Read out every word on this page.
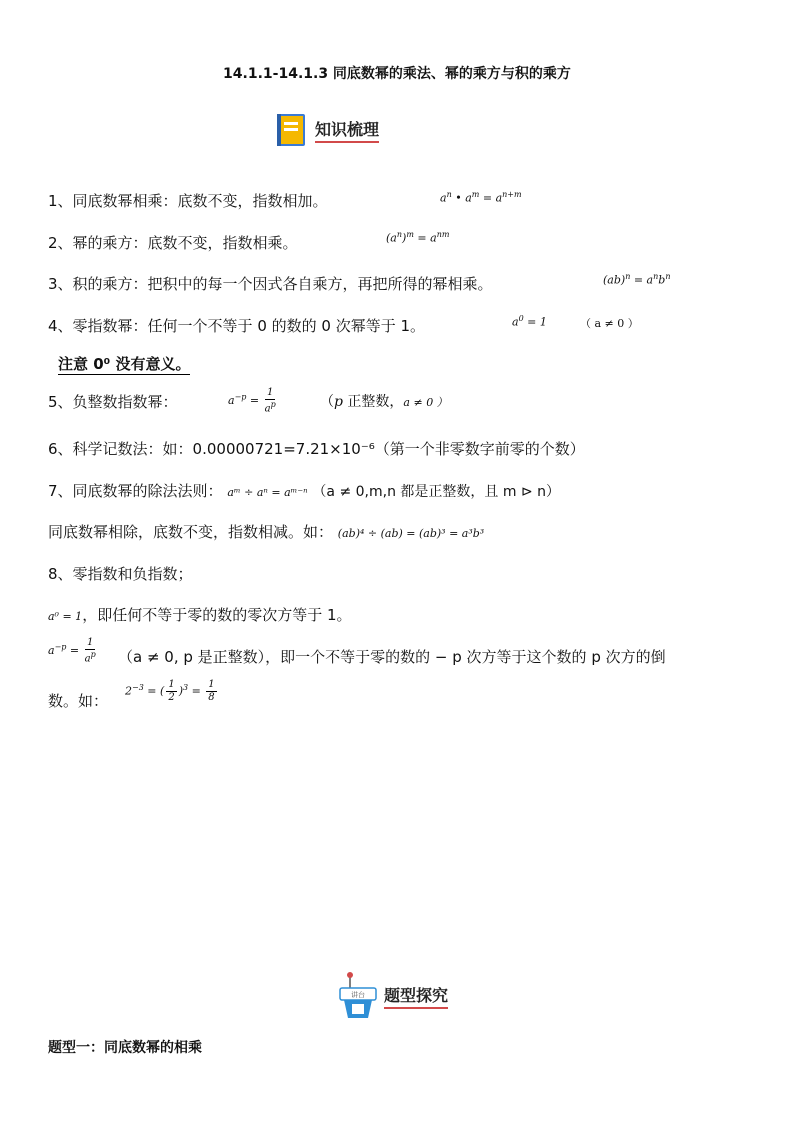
14.1.1-14.1.3 同底数幂的乘法、幂的乘方与积的乘方
知识梳理
1、同底数幂相乘：底数不变，指数相加。	$a^n$ • $a^m = a^{n+m}$
2、幂的乘方：底数不变，指数相乘。	$(a^n)^m = a^{nm}$
3、积的乘方：把积中的每一个因式各自乘方，再把所得的幂相乘。	$(ab)^n = a^nb^n$
4、零指数幂：任何一个不等于 0 的数的 0 次幂等于 1。	$a^0 = 1$	（ a ≠ 0 ）
注意 0⁰ 没有意义。
5、负整数指数幂：	$a^{-p} = \frac{1}{a^p}$	（p 正整数，a ≠ 0 ）
6、科学记数法：如：0.00000721=7.21×10⁻⁶（第一个非零数字前零的个数）
7、同底数幂的除法法则： aᵐ ÷ aⁿ = aᵐ⁻ⁿ （a ≠ 0,m,n 都是正整数，且 m ⊳ n）
同底数幂相除，底数不变，指数相减。如： (ab)⁴ ÷ (ab) = (ab)³ = a³b³
8、零指数和负指数；
a⁰ = 1，即任何不等于零的数的零次方等于 1。
$a^{-p} = \frac{1}{a^p} (a \ne 0$, p 是正整数），即一个不等于零的数的 − p 次方等于这个数的 p 次方的倒
数。如：
$2^{-3}$ = ( $\frac{1}{2} )^3 = \frac{1}{8}$
讲台 题型探究
题型一：同底数幂的相乘
